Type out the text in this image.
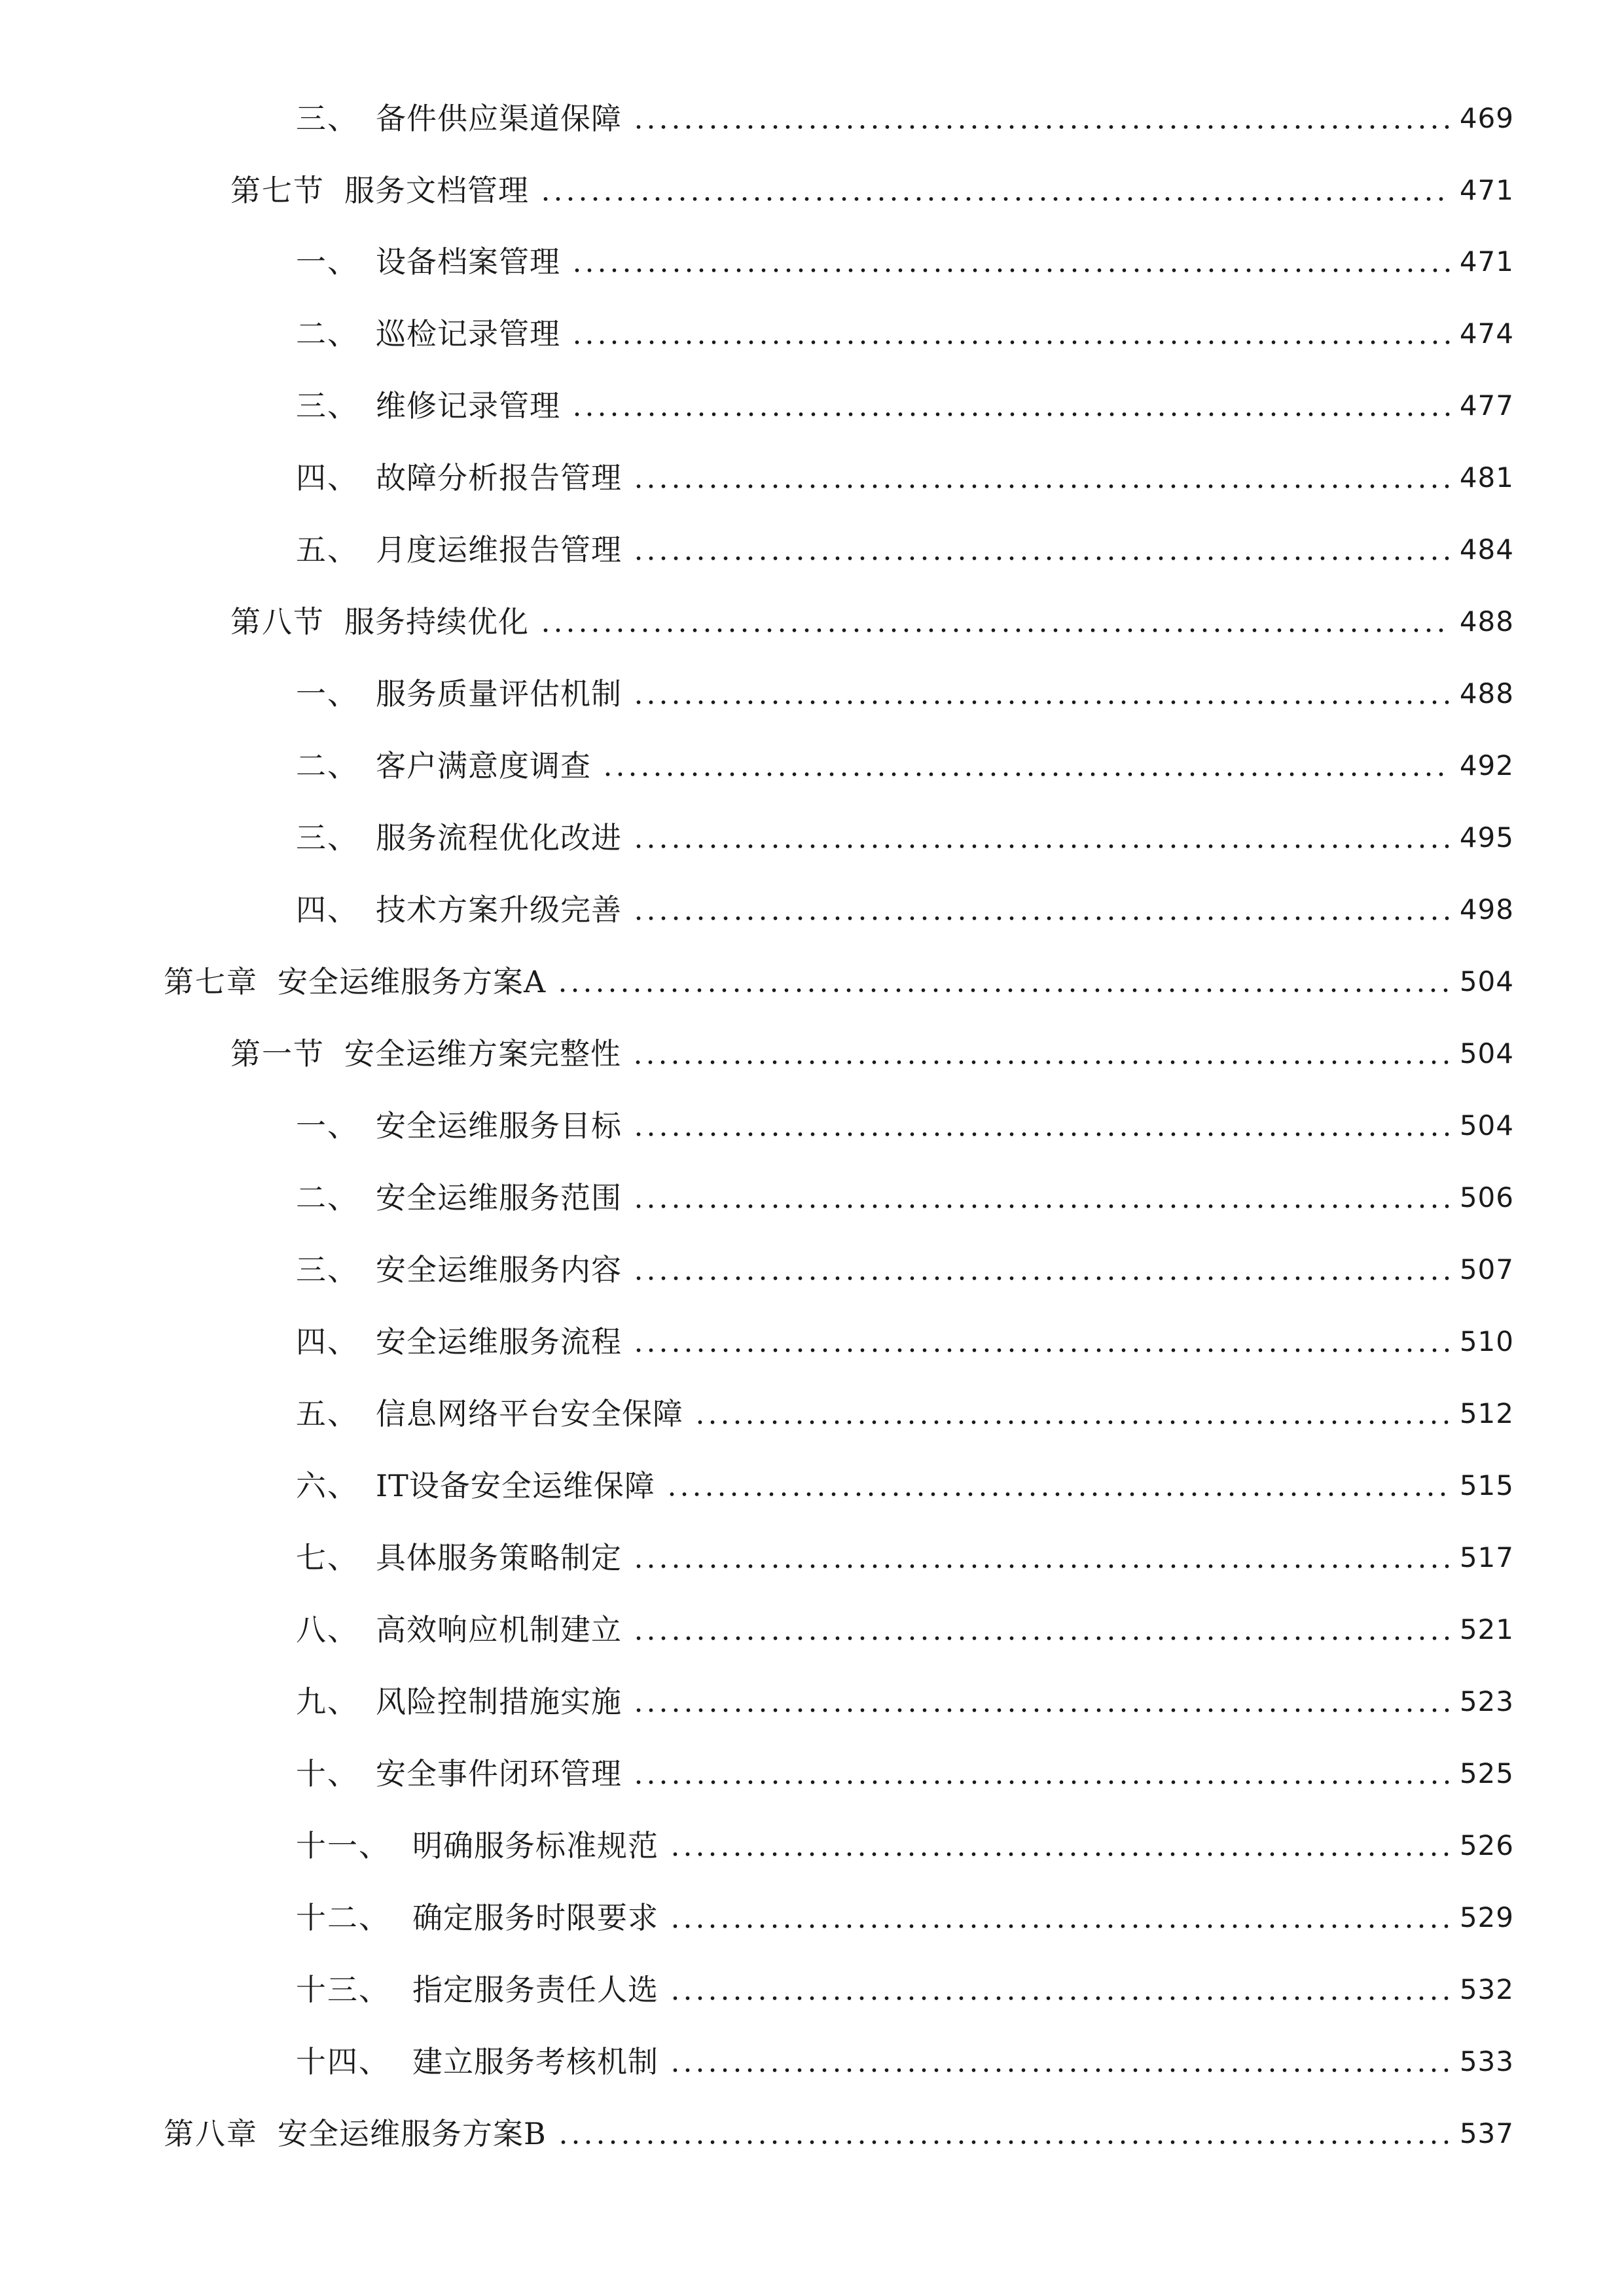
三、 备件供应渠道保障	469
第七节 服务文档管理	471
一、 设备档案管理	471
二、 巡检记录管理	474
三、 维修记录管理	477
四、 故障分析报告管理	481
五、 月度运维报告管理	484
第八节 服务持续优化	488
一、 服务质量评估机制	488
二、 客户满意度调查	492
三、 服务流程优化改进	495
四、 技术方案升级完善	498
第七章 安全运维服务方案A	504
第一节 安全运维方案完整性	504
一、 安全运维服务目标	504
二、 安全运维服务范围	506
三、 安全运维服务内容	507
四、 安全运维服务流程	510
五、 信息网络平台安全保障	512
六、 IT设备安全运维保障	515
七、 具体服务策略制定	517
八、 高效响应机制建立	521
九、 风险控制措施实施	523
十、 安全事件闭环管理	525
十一、 明确服务标准规范	526
十二、 确定服务时限要求	529
十三、 指定服务责任人选	532
十四、 建立服务考核机制	533
第八章 安全运维服务方案B	537
